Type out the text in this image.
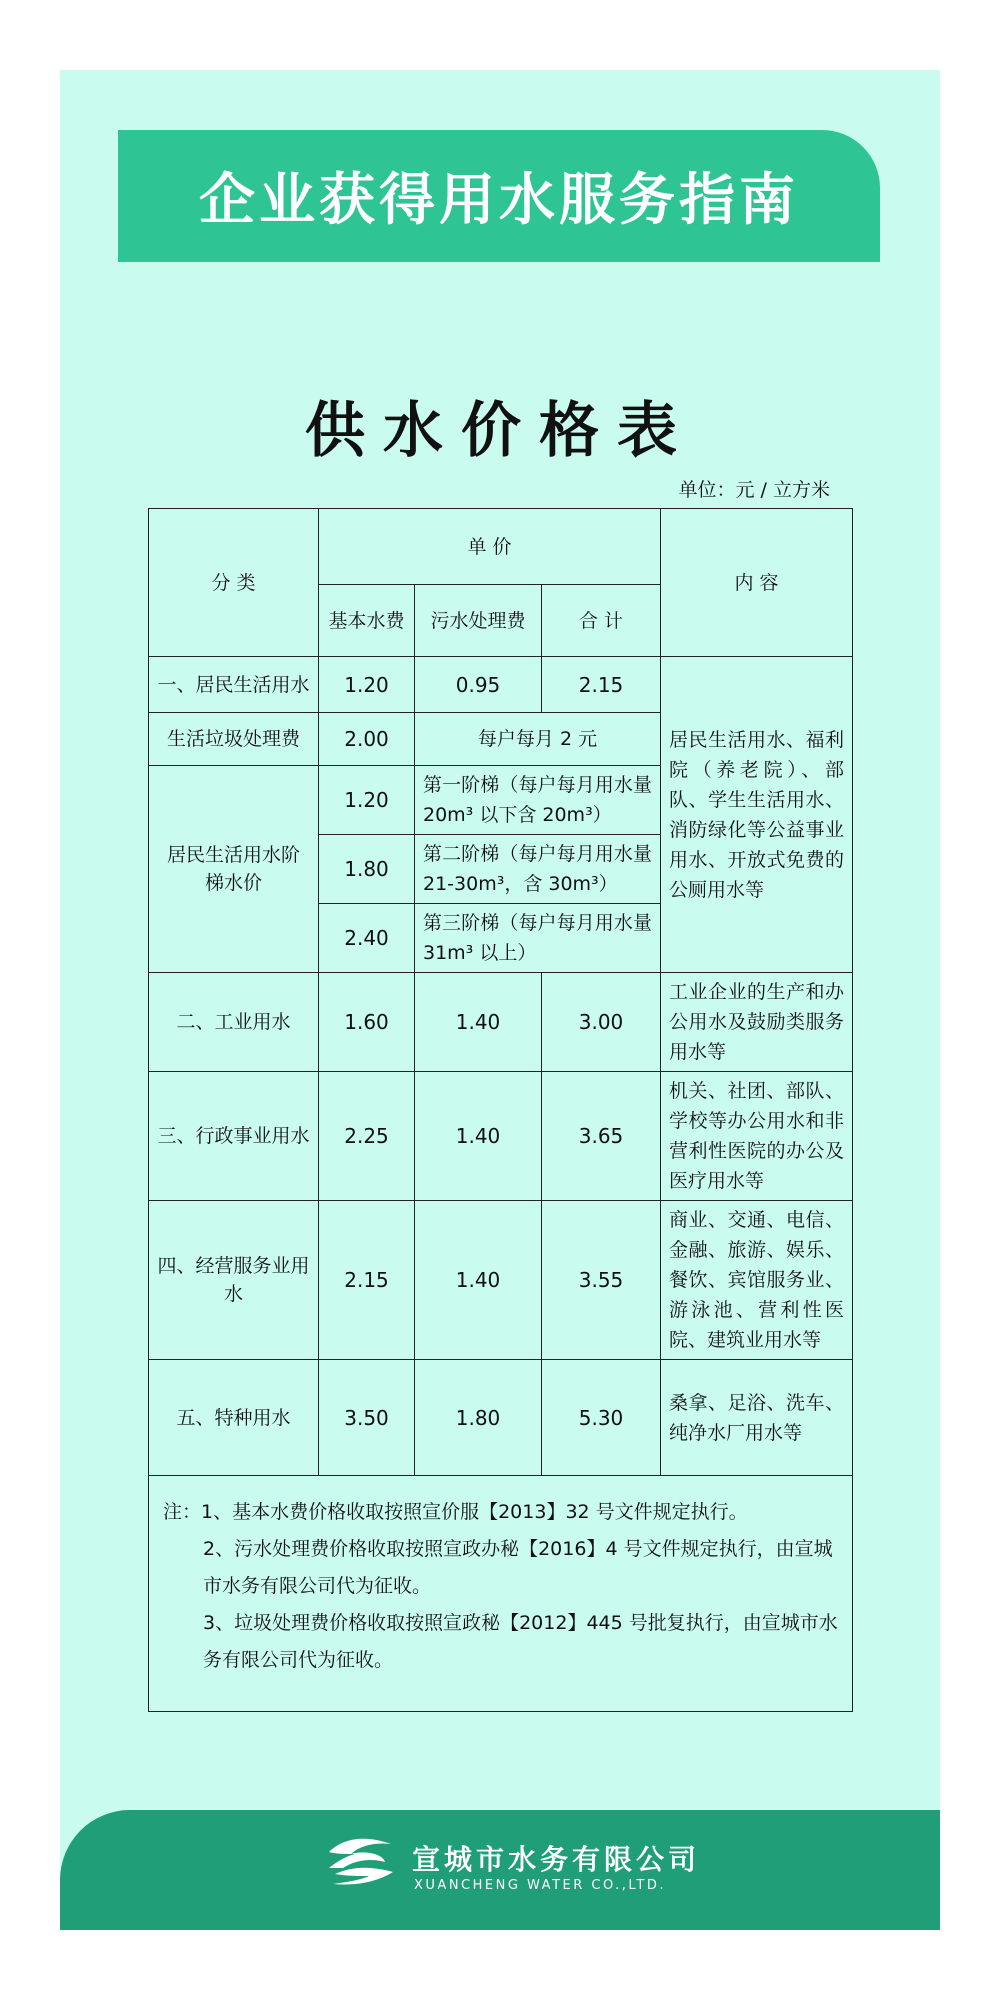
企业获得用水服务指南
供水价格表
单位：元 / 立方米
分 类	单 价			内 容
	基本水费	污水处理费	合 计	
一、居民生活用水	1.20	0.95	2.15	居民生活用水、福利院（养老院）、部队、学生生活用水、消防绿化等公益事业用水、开放式免费的公厕用水等
生活垃圾处理费	2.00	每户每月 2 元		
居民生活用水阶梯水价	1.20	第一阶梯（每户每月用水量 20m³ 以下含 20m³）		
	1.80	第二阶梯（每户每月用水量 21-30m³，含 30m³）		
	2.40	第三阶梯（每户每月用水量 31m³ 以上）		
二、工业用水	1.60	1.40	3.00	工业企业的生产和办公用水及鼓励类服务用水等
三、行政事业用水	2.25	1.40	3.65	机关、社团、部队、学校等办公用水和非营利性医院的办公及医疗用水等
四、经营服务业用水	2.15	1.40	3.55	商业、交通、电信、金融、旅游、娱乐、餐饮、宾馆服务业、游泳池、营利性医院、建筑业用水等
五、特种用水	3.50	1.80	5.30	桑拿、足浴、洗车、纯净水厂用水等

注：1、基本水费价格收取按照宣价服【2013】32 号文件规定执行。
2、污水处理费价格收取按照宣政办秘【2016】4 号文件规定执行，由宣城市水务有限公司代为征收。
3、垃圾处理费价格收取按照宣政秘【2012】445 号批复执行，由宣城市水务有限公司代为征收。				
宣城市水务有限公司
XUANCHENG WATER CO.,LTD.
